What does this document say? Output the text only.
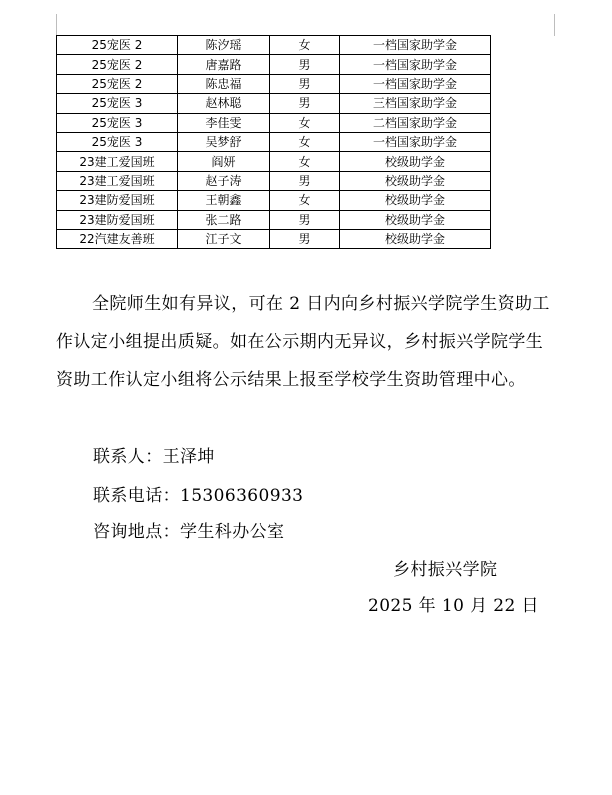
25宠医 2	陈汐瑶	女	一档国家助学金
25宠医 2	唐嘉路	男	一档国家助学金
25宠医 2	陈忠福	男	一档国家助学金
25宠医 3	赵林聪	男	三档国家助学金
25宠医 3	李佳雯	女	二档国家助学金
25宠医 3	吴梦舒	女	一档国家助学金
23建工爱国班	阎妍	女	校级助学金
23建工爱国班	赵子涛	男	校级助学金
23建防爱国班	王朝鑫	女	校级助学金
23建防爱国班	张二路	男	校级助学金
22汽建友善班	江子文	男	校级助学金
全院师生如有异议，可在 2 日内向乡村振兴学院学生资助工作认定小组提出质疑。如在公示期内无异议，乡村振兴学院学生资助工作认定小组将公示结果上报至学校学生资助管理中心。
联系人：王泽坤
联系电话：15306360933
咨询地点：学生科办公室
乡村振兴学院
2025 年 10 月 22 日
